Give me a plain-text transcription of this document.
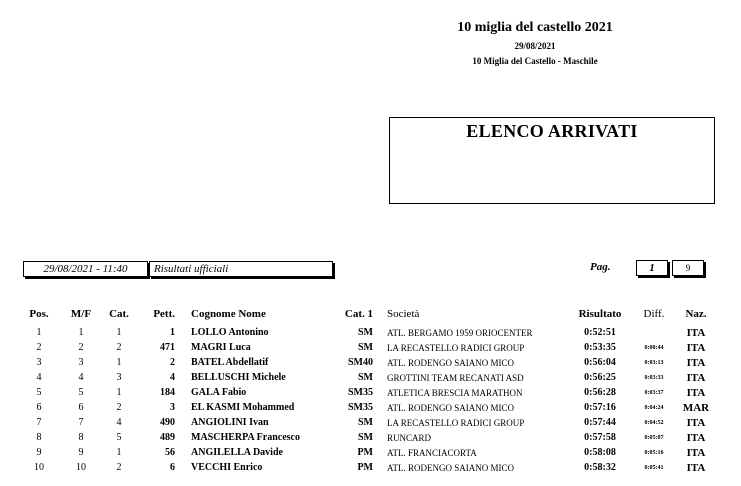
10 miglia del castello 2021
29/08/2021
10 Miglia del Castello - Maschile
ELENCO ARRIVATI
29/08/2021 - 11:40	Risultati ufficiali	Pag.	1	9
Pos.	M/F	Cat.	Pett.	Cognome Nome	Cat. 1	Società	Risultato	Diff.	Naz.
1	1	1	1	LOLLO Antonino	SM	ATL. BERGAMO 1959 ORIOCENTER	0:52:51		ITA
2	2	2	471	MAGRI Luca	SM	LA RECASTELLO RADICI GROUP	0:53:35	0:00:44	ITA
3	3	1	2	BATEL Abdellatif	SM40	ATL. RODENGO SAIANO MICO	0:56:04	0:03:13	ITA
4	4	3	4	BELLUSCHI Michele	SM	GROTTINI TEAM RECANATI ASD	0:56:25	0:03:33	ITA
5	5	1	184	GALA Fabio	SM35	ATLETICA BRESCIA MARATHON	0:56:28	0:03:37	ITA
6	6	2	3	EL KASMI Mohammed	SM35	ATL. RODENGO SAIANO MICO	0:57:16	0:04:24	MAR
7	7	4	490	ANGIOLINI Ivan	SM	LA RECASTELLO RADICI GROUP	0:57:44	0:04:52	ITA
8	8	5	489	MASCHERPA Francesco	SM	RUNCARD	0:57:58	0:05:07	ITA
9	9	1	56	ANGILELLA Davide	PM	ATL. FRANCIACORTA	0:58:08	0:05:16	ITA
10	10	2	6	VECCHI Enrico	PM	ATL. RODENGO SAIANO MICO	0:58:32	0:05:41	ITA
